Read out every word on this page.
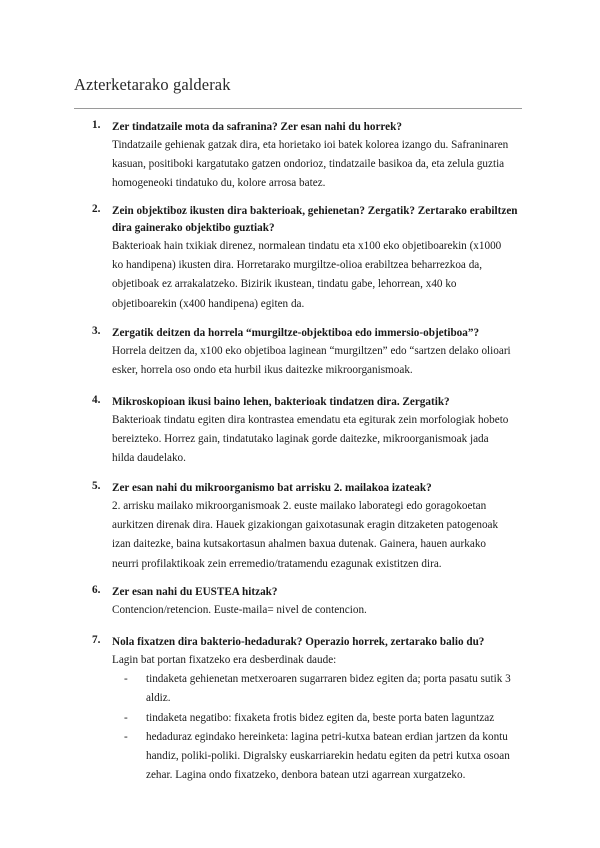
Azterketarako galderak
1. Zer tindatzaile mota da safranina? Zer esan nahi du horrek?
Tindatzaile gehienak gatzak dira, eta horietako ioi batek kolorea izango du. Safraninaren
kasuan, positiboki kargatutako gatzen ondorioz, tindatzaile basikoa da, eta zelula guztia
homogeneoki tindatuko du, kolore arrosa batez.
2. Zein objektiboz ikusten dira bakterioak, gehienetan? Zergatik? Zertarako erabiltzen dira gainerako objektibo guztiak?
Bakterioak hain txikiak direnez, normalean tindatu eta x100 eko objetiboarekin (x1000
ko handipena) ikusten dira. Horretarako murgiltze-olioa erabiltzea beharrezkoa da,
objetiboak ez arrakalatzeko. Bizirik ikustean, tindatu gabe, lehorrean, x40 ko
objetiboarekin (x400 handipena) egiten da.
3. Zergatik deitzen da horrela “murgiltze-objektiboa edo immersio-objetiboa”?
Horrela deitzen da, x100 eko objetiboa laginean “murgiltzen” edo “sartzen delako olioari
esker, horrela oso ondo eta hurbil ikus daitezke mikroorganismoak.
4. Mikroskopioan ikusi baino lehen, bakterioak tindatzen dira. Zergatik?
Bakterioak tindatu egiten dira kontrastea emendatu eta egiturak zein morfologiak hobeto
bereizteko. Horrez gain, tindatutako laginak gorde daitezke, mikroorganismoak jada
hilda daudelako.
5. Zer esan nahi du mikroorganismo bat arrisku 2. mailakoa izateak?
2. arrisku mailako mikroorganismoak 2. euste mailako laborategi edo goragokoetan
aurkitzen direnak dira. Hauek gizakiongan gaixotasunak eragin ditzaketen patogenoak
izan daitezke, baina kutsakortasun ahalmen baxua dutenak. Gainera, hauen aurkako
neurri profilaktikoak zein erremedio/tratamendu ezagunak existitzen dira.
6. Zer esan nahi du EUSTEA hitzak?
Contencion/retencion. Euste-maila= nivel de contencion.
7. Nola fixatzen dira bakterio-hedadurak? Operazio horrek, zertarako balio du?
Lagin bat portan fixatzeko era desberdinak daude:
- tindaketa gehienetan metxeroaren sugarraren bidez egiten da; porta pasatu sutik 3
aldiz.
- tindaketa negatibo: fixaketa frotis bidez egiten da, beste porta baten laguntzaz
- hedaduraz egindako hereinketa: lagina petri-kutxa batean erdian jartzen da kontu
handiz, poliki-poliki. Digralsky euskarriarekin hedatu egiten da petri kutxa osoan
zehar. Lagina ondo fixatzeko, denbora batean utzi agarrean xurgatzeko.
